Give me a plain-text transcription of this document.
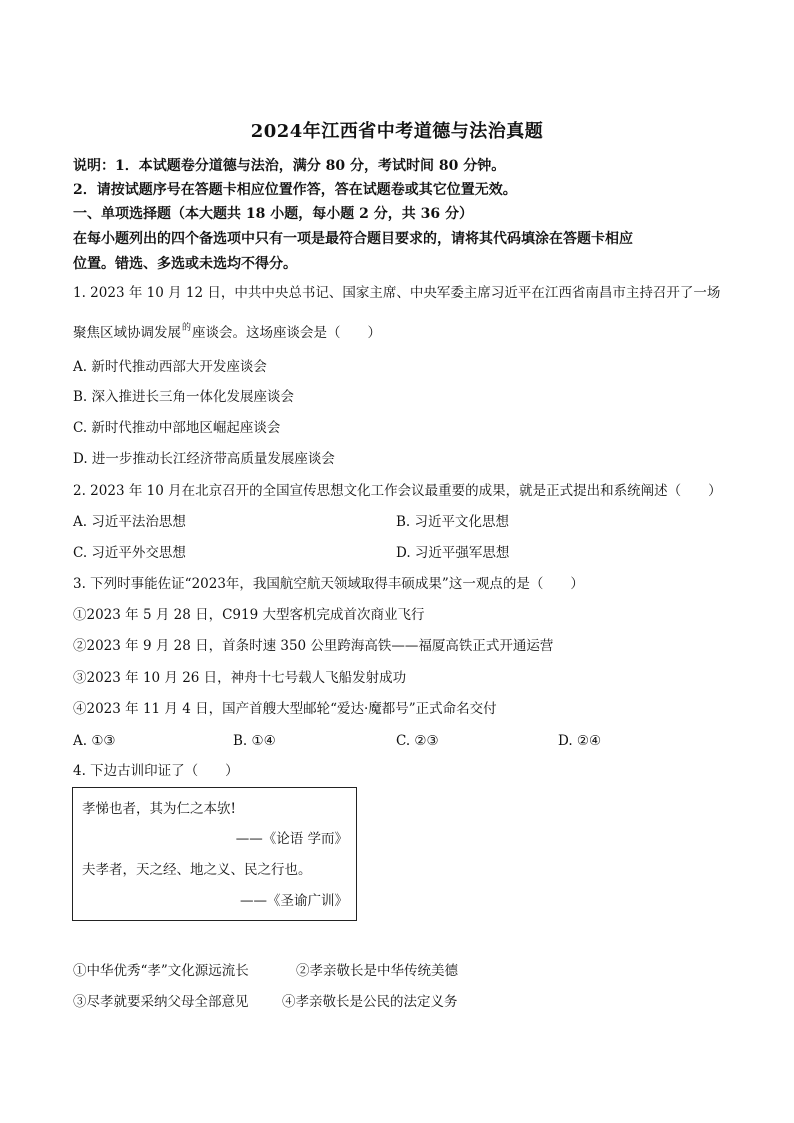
2024年江西省中考道德与法治真题
说明：1．本试题卷分道德与法治，满分 80 分，考试时间 80 分钟。
2．请按试题序号在答题卡相应位置作答，答在试题卷或其它位置无效。
一、单项选择题（本大题共 18 小题，每小题 2 分，共 36 分）
在每小题列出的四个备选项中只有一项是最符合题目要求的，请将其代码填涂在答题卡相应
位置。错选、多选或未选均不得分。
1. 2023 年 10 月 12 日，中共中央总书记、国家主席、中央军委主席习近平在江西省南昌市主持召开了一场
聚焦区域协调发展$^的$座谈会。这场座谈会是（　　）
A. 新时代推动西部大开发座谈会
B. 深入推进长三角一体化发展座谈会
C. 新时代推动中部地区崛起座谈会
D. 进一步推动长江经济带高质量发展座谈会
2. 2023 年 10 月在北京召开的全国宣传思想文化工作会议最重要的成果，就是正式提出和系统阐述（　　）
A. 习近平法治思想	B. 习近平文化思想
C. 习近平外交思想	D. 习近平强军思想
3. 下列时事能佐证“2023年，我国航空航天领域取得丰硕成果”这一观点的是（　　）
①2023 年 5 月 28 日，C919 大型客机完成首次商业飞行
②2023 年 9 月 28 日，首条时速 350 公里跨海高铁——福厦高铁正式开通运营
③2023 年 10 月 26 日，神舟十七号载人飞船发射成功
④2023 年 11 月 4 日，国产首艘大型邮轮“爱达·魔都号”正式命名交付
A. ①③	B. ①④	C. ②③	D. ②④
4. 下边古训印证了（　　）
孝悌也者，其为仁之本欤!
——《论语 学而》
夫孝者，天之经、地之义、民之行也。
——《圣谕广训》
①中华优秀“孝”文化源远流长	②孝亲敬长是中华传统美德
③尽孝就要采纳父母全部意见 ④孝亲敬长是公民的法定义务
